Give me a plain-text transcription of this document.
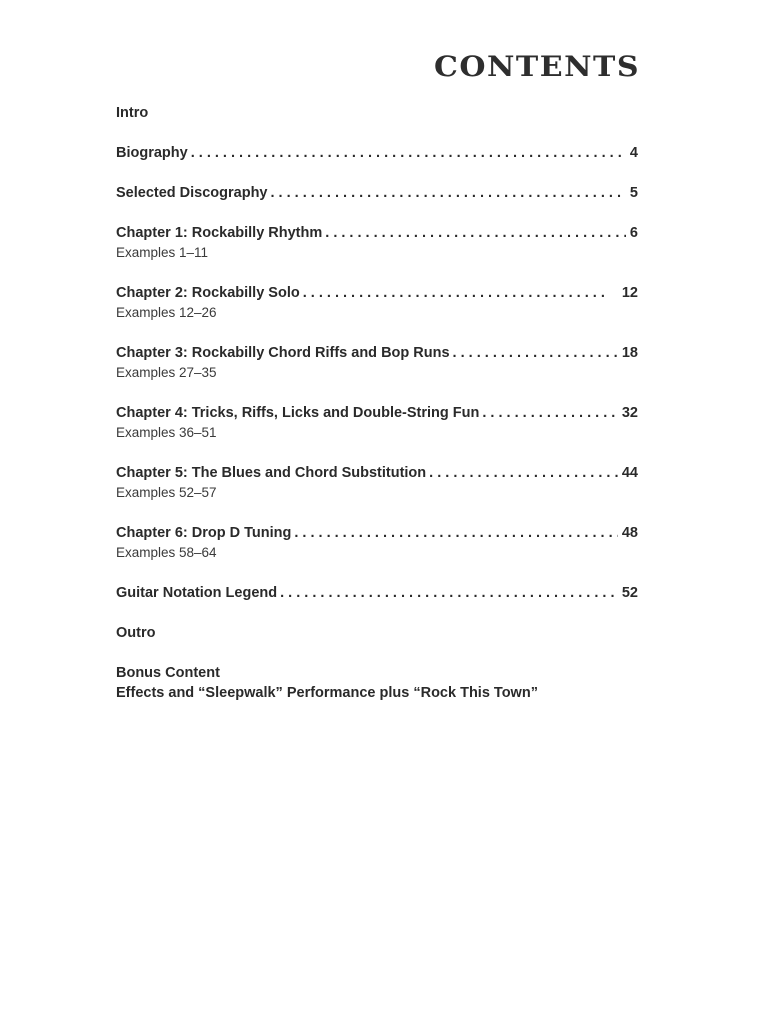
CONTENTS
Intro
Biography . . .	4
Selected Discography . . .	5
Chapter 1: Rockabilly Rhythm . . .	6
Examples 1–11
Chapter 2: Rockabilly Solo . . .	12
Examples 12–26
Chapter 3: Rockabilly Chord Riffs and Bop Runs . . .	18
Examples 27–35
Chapter 4: Tricks, Riffs, Licks and Double-String Fun . . .	32
Examples 36–51
Chapter 5: The Blues and Chord Substitution . . .	44
Examples 52–57
Chapter 6: Drop D Tuning . . .	48
Examples 58–64
Guitar Notation Legend . . .	52
Outro
Bonus Content
Effects and “Sleepwalk” Performance plus “Rock This Town”
